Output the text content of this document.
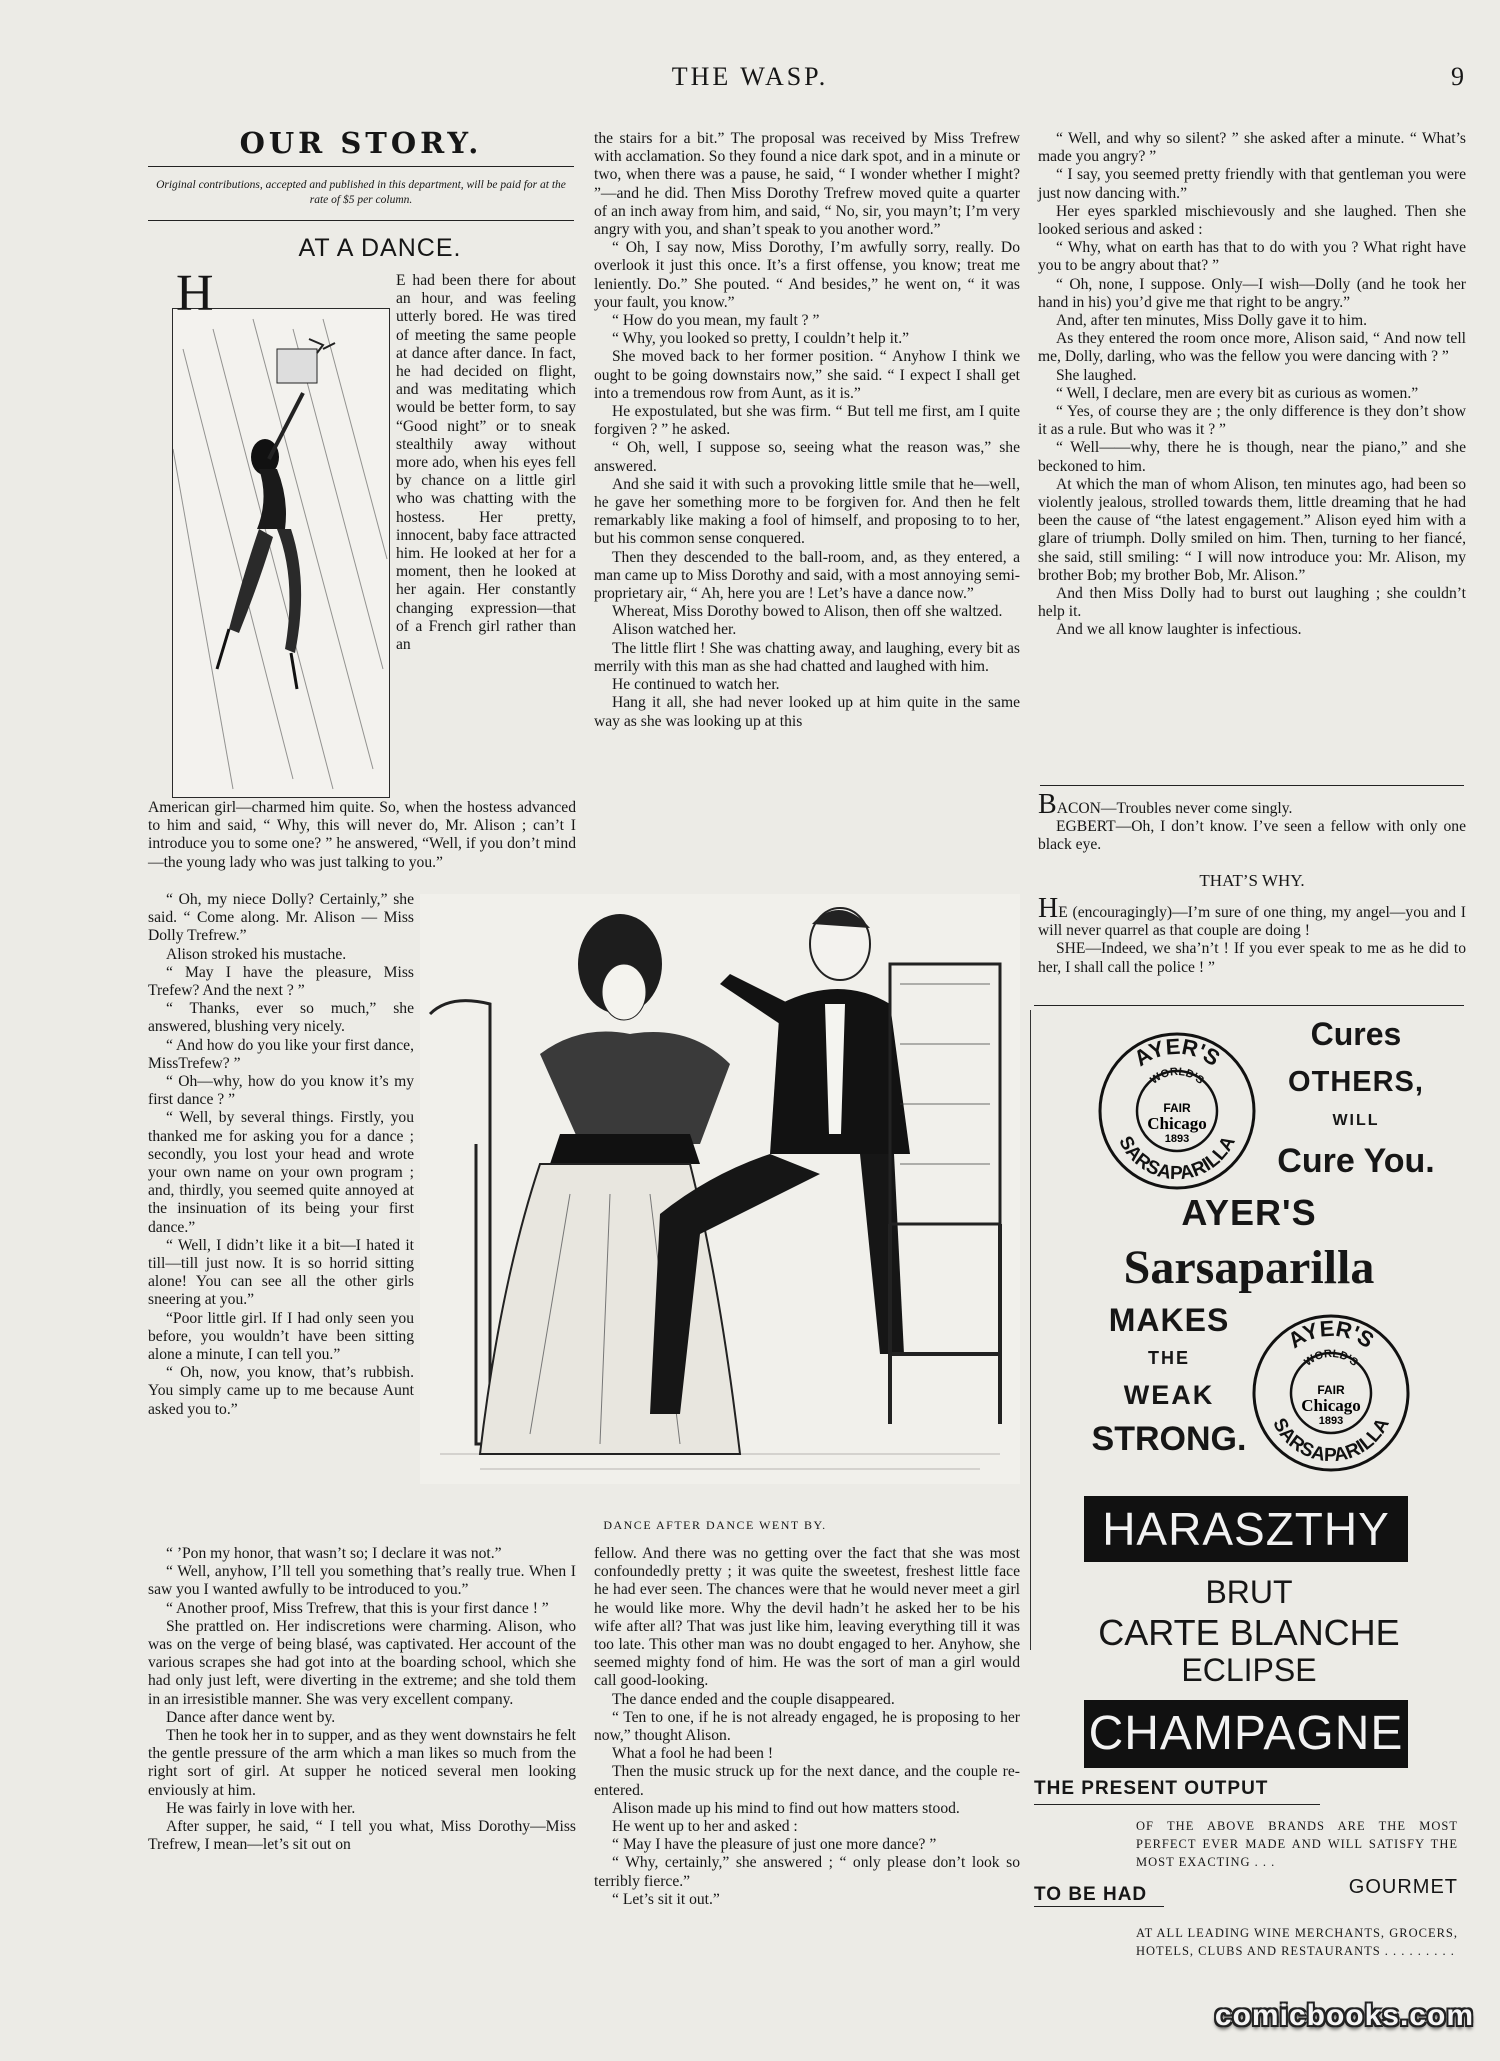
THE WASP.	9
OUR STORY.
Original contributions, accepted and published in this department, will be paid for at the rate of $5 per column.
AT A DANCE.

H	E had been there for about an hour, and was feeling utterly bored. He was tired of meeting the same people at dance after dance. In fact, he had decided on flight, and was meditating which would be better form, to say “Good night” or to sneak stealthily away without more ado, when his eyes fell by chance on a little girl who was chatting with the hostess. Her pretty, innocent, baby face attracted him. He looked at her for a moment, then he looked at her again. Her constantly changing expression—that of a French girl rather than an

American girl—charmed him quite. So, when the hostess advanced to him and said, “ Why, this will never do, Mr. Alison ; can’t I introduce you to some one? ” he answered, “Well, if you don’t mind—the young lady who was just talking to you.”

“ Oh, my niece Dolly? Certainly,” she said. “ Come along. Mr. Alison — Miss Dolly Trefrew.”

Alison stroked his mustache.

“ May I have the pleasure, Miss Trefew? And the next ? ”

“ Thanks, ever so much,” she answered, blushing very nicely.

“ And how do you like your first dance, MissTrefew? ”

“ Oh—why, how do you know it’s my first dance ? ”

“ Well, by several things. Firstly, you thanked me for asking you for a dance ; secondly, you lost your head and wrote your own name on your own program ; and, thirdly, you seemed quite annoyed at the insinuation of its being your first dance.”

“ Well, I didn’t like it a bit—I hated it till—till just now. It is so horrid sitting alone! You can see all the other girls sneering at you.”

“Poor little girl. If I had only seen you before, you wouldn’t have been sitting alone a minute, I can tell you.”

“ Oh, now, you know, that’s rubbish. You simply came up to me because Aunt asked you to.”

“ ’Pon my honor, that wasn’t so; I declare it was not.”

“ Well, anyhow, I’ll tell you something that’s really true. When I saw you I wanted awfully to be introduced to you.”

“ Another proof, Miss Trefrew, that this is your first dance ! ”

She prattled on. Her indiscretions were charming. Alison, who was on the verge of being blasé, was captivated. Her account of the various scrapes she had got into at the boarding school, which she had only just left, were diverting in the extreme; and she told them in an irresistible manner. She was very excellent company.

Dance after dance went by.

Then he took her in to supper, and as they went downstairs he felt the gentle pressure of the arm which a man likes so much from the right sort of girl. At supper he noticed several men looking enviously at him.

He was fairly in love with her.

After supper, he said, “ I tell you what, Miss Dorothy—Miss Trefrew, I mean—let’s sit out on

the stairs for a bit.” The proposal was received by Miss Trefrew with acclamation. So they found a nice dark spot, and in a minute or two, when there was a pause, he said, “ I wonder whether I might? ”—and he did. Then Miss Dorothy Trefrew moved quite a quarter of an inch away from him, and said, “ No, sir, you mayn’t; I’m very angry with you, and shan’t speak to you another word.”

“ Oh, I say now, Miss Dorothy, I’m awfully sorry, really. Do overlook it just this once. It’s a first offense, you know; treat me leniently. Do.” She pouted. “ And besides,” he went on, “ it was your fault, you know.”

“ How do you mean, my fault ? ”

“ Why, you looked so pretty, I couldn’t help it.”

She moved back to her former position. “ Anyhow I think we ought to be going downstairs now,” she said. “ I expect I shall get into a tremendous row from Aunt, as it is.”

He expostulated, but she was firm. “ But tell me first, am I quite forgiven ? ” he asked.

“ Oh, well, I suppose so, seeing what the reason was,” she answered.

And she said it with such a provoking little smile that he—well, he gave her something more to be forgiven for. And then he felt remarkably like making a fool of himself, and proposing to to her, but his common sense conquered.

Then they descended to the ball-room, and, as they entered, a man came up to Miss Dorothy and said, with a most annoying semi-proprietary air, “ Ah, here you are ! Let’s have a dance now.”

Whereat, Miss Dorothy bowed to Alison, then off she waltzed.

Alison watched her.

The little flirt ! She was chatting away, and laughing, every bit as merrily with this man as she had chatted and laughed with him.

He continued to watch her.

Hang it all, she had never looked up at him quite in the same way as she was looking up at this

DANCE AFTER DANCE WENT BY.

fellow. And there was no getting over the fact that she was most confoundedly pretty ; it was quite the sweetest, freshest little face he had ever seen. The chances were that he would never meet a girl he would like more. Why the devil hadn’t he asked her to be his wife after all? That was just like him, leaving everything till it was too late. This other man was no doubt engaged to her. Anyhow, she seemed mighty fond of him. He was the sort of man a girl would call good-looking.

The dance ended and the couple disappeared.

“ Ten to one, if he is not already engaged, he is proposing to her now,” thought Alison.

What a fool he had been !

Then the music struck up for the next dance, and the couple re-entered.

Alison made up his mind to find out how matters stood.

He went up to her and asked :

“ May I have the pleasure of just one more dance? ”

“ Why, certainly,” she answered ; “ only please don’t look so terribly fierce.”

“ Let’s sit it out.”

“ Well, and why so silent? ” she asked after a minute. “ What’s made you angry? ”

“ I say, you seemed pretty friendly with that gentleman you were just now dancing with.”

Her eyes sparkled mischievously and she laughed. Then she looked serious and asked :

“ Why, what on earth has that to do with you ? What right have you to be angry about that? ”

“ Oh, none, I suppose. Only—I wish—Dolly (and he took her hand in his) you’d give me that right to be angry.”

And, after ten minutes, Miss Dolly gave it to him.

As they entered the room once more, Alison said, “ And now tell me, Dolly, darling, who was the fellow you were dancing with ? ”

She laughed.

“ Well, I declare, men are every bit as curious as women.”

“ Yes, of course they are ; the only difference is they don’t show it as a rule. But who was it ? ”

“ Well——why, there he is though, near the piano,” and she beckoned to him.

At which the man of whom Alison, ten minutes ago, had been so violently jealous, strolled towards them, little dreaming that he had been the cause of “the latest engagement.” Alison eyed him with a glare of triumph. Dolly smiled on him. Then, turning to her fiancé, she said, still smiling: “ I will now introduce you: Mr. Alison, my brother Bob; my brother Bob, Mr. Alison.”

And then Miss Dolly had to burst out laughing ; she couldn’t help it.

And we all know laughter is infectious.

BACON—Troubles never come singly.

EGBERT—Oh, I don’t know. I’ve seen a fellow with only one black eye.

THAT’S WHY.

HE (encouragingly)—I’m sure of one thing, my angel—you and I will never quarrel as that couple are doing !

SHE—Indeed, we sha’n’t ! If you ever speak to me as he did to her, I shall call the police ! ”

AYER'S
SARSAPARILLA
WORLD'S
FAIR
Chicago
1893
Cures
OTHERS,
WILL
Cure You.
AYER'S
Sarsaparilla
MAKES
THE
WEAK
STRONG.
AYER'S
SARSAPARILLA
WORLD'S
FAIR
Chicago
1893
HARASZTHY
BRUT
CARTE BLANCHE
ECLIPSE
CHAMPAGNE
THE PRESENT OUTPUT
OF THE ABOVE BRANDS ARE THE MOST PERFECT EVER MADE AND WILL SATISFY THE MOST EXACTING . . .
TO BE HAD	GOURMET
AT ALL LEADING WINE MERCHANTS, GROCERS, HOTELS, CLUBS AND RESTAURANTS . . . . . . . . .
comicbooks.com
